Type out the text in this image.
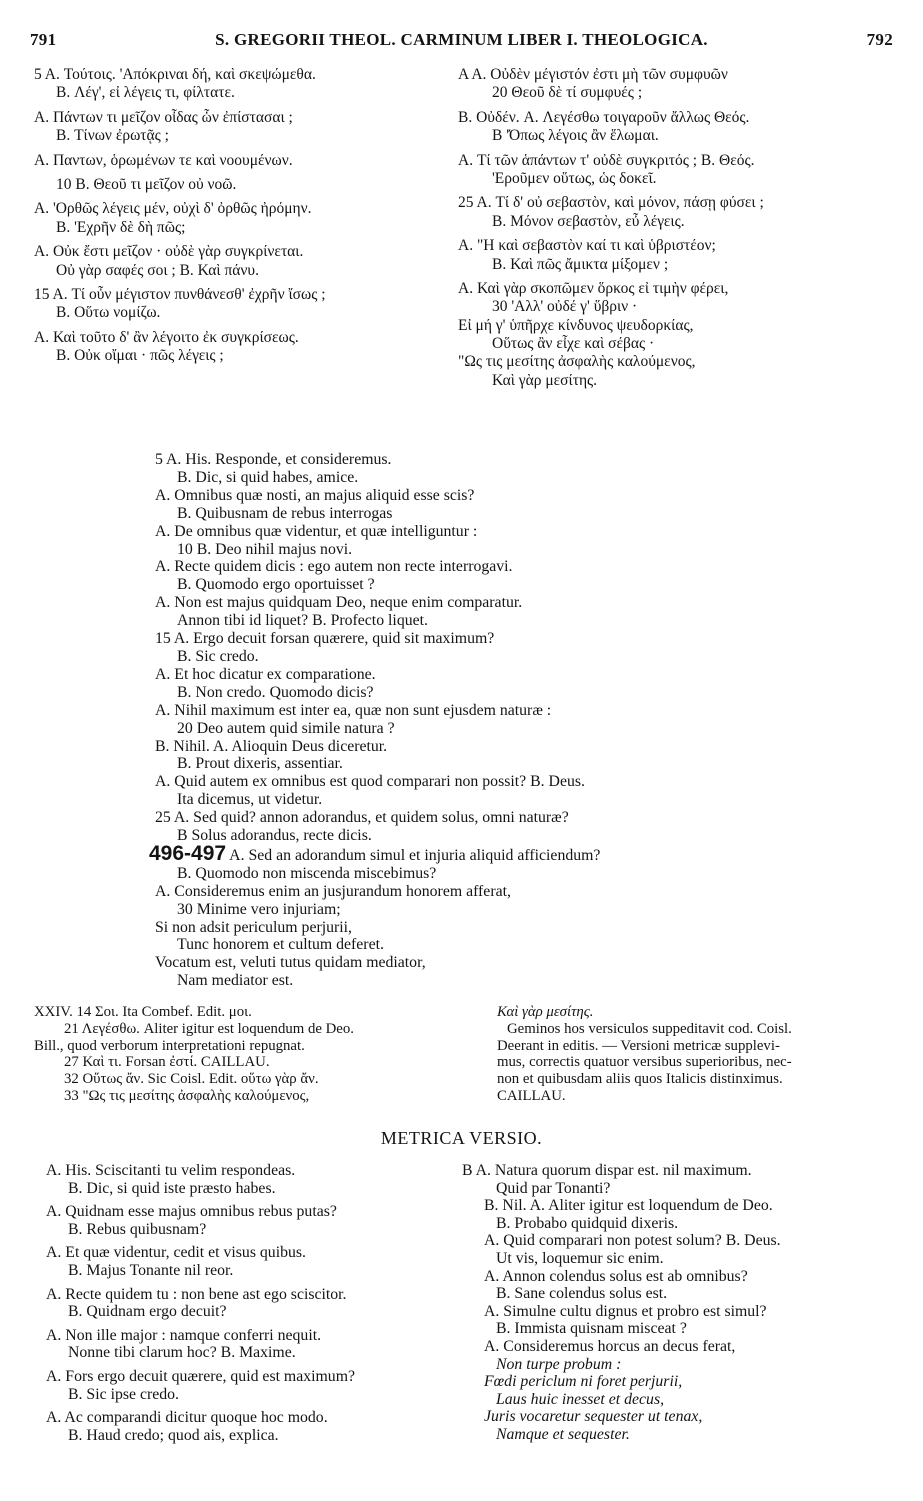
791	S. GREGORII THEOL. CARMINUM LIBER I. THEOLOGICA.	792
5 A. Τούτοις. 'Απόκριναι δή, καὶ σκεψώμεθα.
B. Λέγ', εἰ λέγεις τι, φίλτατε.
A. Πάντων τι μεῖζον οἶδας ὧν ἐπίστασαι ;
B. Τίνων ἐρωτᾷς ;
A. Παντων, ὁρωμένων τε καὶ νοουμένων.
10 B. Θεοῦ τι μεῖζον οὐ νοῶ.
A. 'Ορθῶς λέγεις μέν, οὐχὶ δ' ὀρθῶς ἠρόμην.
B. 'Εχρῆν δὲ δὴ πῶς;
A. Οὐκ ἔστι μεῖζον · οὐδὲ γὰρ συγκρίνεται.
Οὐ γὰρ σαφές σοι ; B. Καὶ πάνυ.
15 A. Τί οὖν μέγιστον πυνθάνεσθ' ἐχρῆν ἴσως ;
B. Οὕτω νομίζω.
A. Καὶ τοῦτο δ' ἂν λέγοιτο ἐκ συγκρίσεως.
B. Οὐκ οἴμαι · πῶς λέγεις ;
A A. Οὐδὲν μέγιστόν ἐστι μὴ τῶν συμφυῶν
20 Θεοῦ δὲ τί συμφυές ;
B. Οὐδέν. A. Λεγέσθω τοιγαροῦν ἄλλως Θεός.
B 'Όπως λέγοις ἂν ἕλωμαι.
A. Τί τῶν ἁπάντων τ' οὐδὲ συγκριτός ; B. Θεός.
'Ερoῦμεν οὕτως, ὡς δοκεῖ.
25 A. Τί δ' οὐ σεβαστὸν, καὶ μόνον, πάσῃ φύσει ;
B. Μόνον σεβαστὸν, εὖ λέγεις.
A. "Η καὶ σεβαστὸν καί τι καὶ ὑβριστέον;
B. Καὶ πῶς ἄμικτα μίξομεν ;
A. Καὶ γὰρ σκοπῶμεν ὅρκος εἰ τιμὴν φέρει,
30 'Αλλ' οὐδέ γ' ὕβριν ·
Εἰ μή γ' ὑπῆρχε κίνδυνος ψευδορκίας,
Οὕτως ἂν εἶχε καὶ σέβας ·
"Ως τις μεσίτης ἀσφαλὴς καλούμενος,
Καὶ γὰρ μεσίτης.
5 A. His. Responde, et consideremus.
B. Dic, si quid habes, amice.
A. Omnibus quæ nosti, an majus aliquid esse scis?
B. Quibusnam de rebus interrogas
A. De omnibus quæ videntur, et quæ intelliguntur :
10 B. Deo nihil majus novi.
A. Recte quidem dicis : ego autem non recte interrogavi.
B. Quomodo ergo oportuisset ?
A. Non est majus quidquam Deo, neque enim comparatur.
Annon tibi id liquet? B. Profecto liquet.
15 A. Ergo decuit forsan quærere, quid sit maximum?
B. Sic credo.
A. Et hoc dicatur ex comparatione.
B. Non credo. Quomodo dicis?
A. Nihil maximum est inter ea, quæ non sunt ejusdem naturæ :
20 Deo autem quid simile natura ?
B. Nihil. A. Alioquin Deus diceretur.
B. Prout dixeris, assentiar.
A. Quid autem ex omnibus est quod comparari non possit? B. Deus.
Ita dicemus, ut videtur.
25 A. Sed quid? annon adorandus, et quidem solus, omni naturæ?
B Solus adorandus, recte dicis.
496-497 A. Sed an adorandum simul et injuria aliquid afficiendum?
B. Quomodo non miscenda miscebimus?
A. Consideremus enim an jusjurandum honorem afferat,
30 Minime vero injuriam;
Si non adsit periculum perjurii,
Tunc honorem et cultum deferet.
Vocatum est, veluti tutus quidam mediator,
Nam mediator est.
XXIV. 14 Σοι. Ita Combef. Edit. μοι.
21 Λεγέσθω. Aliter igitur est loquendum de Deo.
Bill., quod verborum interpretationi repugnat.
27 Καὶ τι. Forsan ἐστί. CAILLAU.
32 Οὕτως ἄν. Sic Coisl. Edit. οὕτω γὰρ ἄν.
33 "Ως τις μεσίτης ἀσφαλὴς καλούμενος,
Καὶ γὰρ μεσίτης.
Geminos hos versiculos suppeditavit cod. Coisl.
Deerant in editis. — Versioni metricæ supplevi-
mus, correctis quatuor versibus superioribus, nec-
non et quibusdam aliis quos Italicis distinximus.
CAILLAU.
METRICA VERSIO.
A. His. Sciscitanti tu velim respondeas.
B. Dic, si quid iste præsto habes.
A. Quidnam esse majus omnibus rebus putas?
B. Rebus quibusnam?
A. Et quæ videntur, cedit et visus quibus.
B. Majus Tonante nil reor.
A. Recte quidem tu : non bene ast ego sciscitor.
B. Quidnam ergo decuit?
A. Non ille major : namque conferri nequit.
Nonne tibi clarum hoc? B. Maxime.
A. Fors ergo decuit quærere, quid est maximum?
B. Sic ipse credo.
A. Ac comparandi dicitur quoque hoc modo.
B. Haud credo; quod ais, explica.
B A. Natura quorum dispar est. nil maximum.
Quid par Tonanti?
B. Nil. A. Aliter igitur est loquendum de Deo.
B. Probabo quidquid dixeris.
A. Quid comparari non potest solum? B. Deus.
Ut vis, loquemur sic enim.
A. Annon colendus solus est ab omnibus?
B. Sane colendus solus est.
A. Simulne cultu dignus et probro est simul?
B. Immista quisnam misceat ?
A. Consideremus horcus an decus ferat,
Non turpe probum :
Fœdi periclum ni foret perjurii,
Laus huic inesset et decus,
Juris vocaretur sequester ut tenax,
Namque et sequester.
